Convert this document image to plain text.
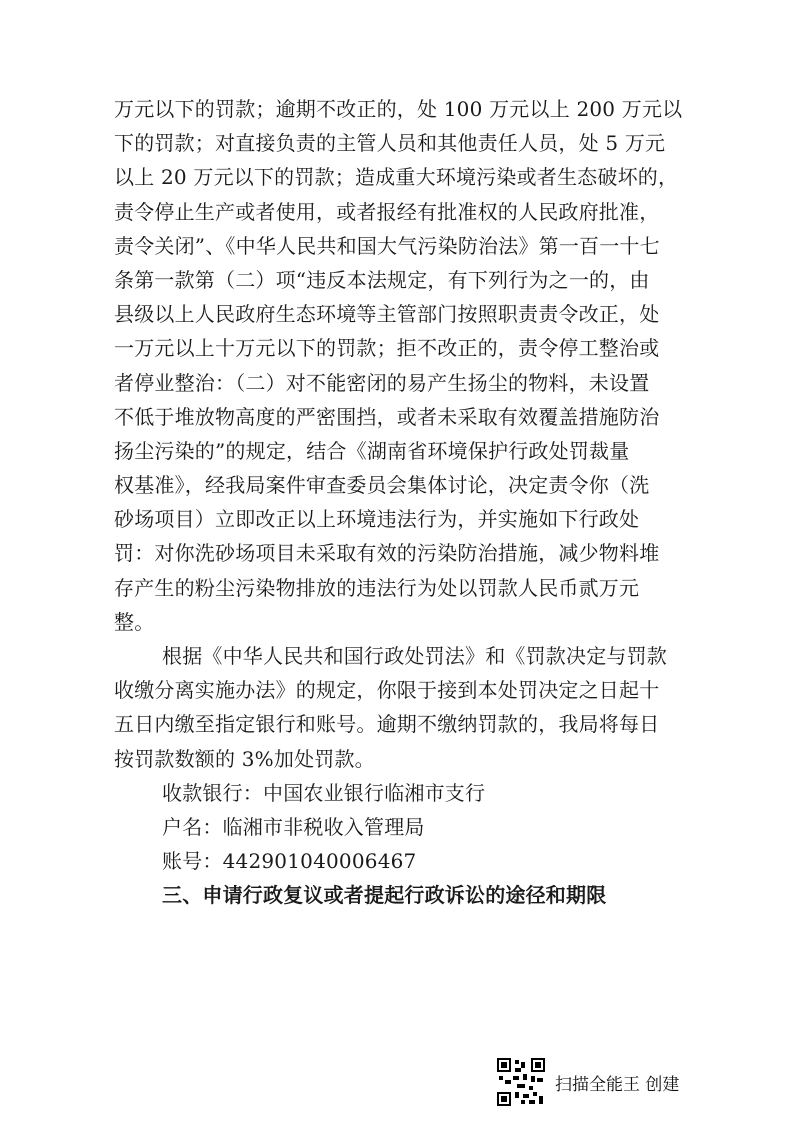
万元以下的罚款；逾期不改正的，处 100 万元以上 200 万元以
下的罚款；对直接负责的主管人员和其他责任人员，处 5 万元
以上 20 万元以下的罚款；造成重大环境污染或者生态破坏的，
责令停止生产或者使用，或者报经有批准权的人民政府批准，
责令关闭”、《中华人民共和国大气污染防治法》第一百一十七
条第一款第（二）项“违反本法规定，有下列行为之一的，由
县级以上人民政府生态环境等主管部门按照职责责令改正，处
一万元以上十万元以下的罚款；拒不改正的，责令停工整治或
者停业整治：（二）对不能密闭的易产生扬尘的物料，未设置
不低于堆放物高度的严密围挡，或者未采取有效覆盖措施防治
扬尘污染的”的规定，结合《湖南省环境保护行政处罚裁量
权基准》，经我局案件审查委员会集体讨论，决定责令你（洗
砂场项目）立即改正以上环境违法行为，并实施如下行政处
罚：对你洗砂场项目未采取有效的污染防治措施，减少物料堆
存产生的粉尘污染物排放的违法行为处以罚款人民币贰万元
整。
根据《中华人民共和国行政处罚法》和《罚款决定与罚款
收缴分离实施办法》的规定，你限于接到本处罚决定之日起十
五日内缴至指定银行和账号。逾期不缴纳罚款的，我局将每日
按罚款数额的 3%加处罚款。
收款银行：中国农业银行临湘市支行
户名：临湘市非税收入管理局
账号：442901040006467
三、申请行政复议或者提起行政诉讼的途径和期限
扫描全能王 创建
